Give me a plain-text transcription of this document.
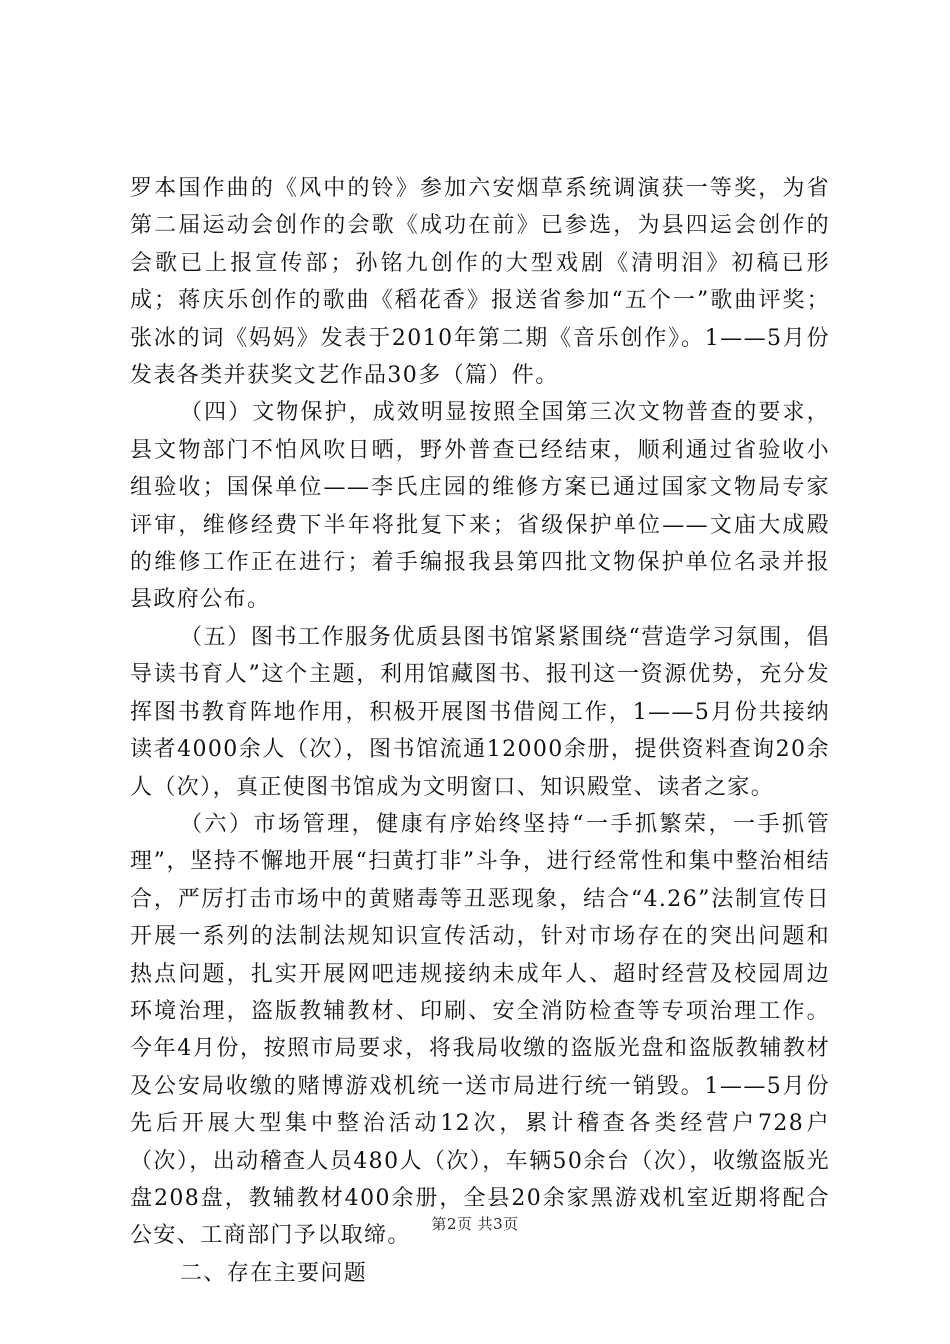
罗本国作曲的《风中的铃》参加六安烟草系统调演获一等奖，为省第二届运动会创作的会歌《成功在前》已参选，为县四运会创作的会歌已上报宣传部；孙铭九创作的大型戏剧《清明泪》初稿已形成；蒋庆乐创作的歌曲《稻花香》报送省参加“五个一”歌曲评奖；张冰的词《妈妈》发表于2010年第二期《音乐创作》。1——5月份发表各类并获奖文艺作品30多（篇）件。

（四）文物保护，成效明显按照全国第三次文物普查的要求，县文物部门不怕风吹日晒，野外普查已经结束，顺利通过省验收小组验收；国保单位——李氏庄园的维修方案已通过国家文物局专家评审，维修经费下半年将批复下来；省级保护单位——文庙大成殿的维修工作正在进行；着手编报我县第四批文物保护单位名录并报县政府公布。

（五）图书工作服务优质县图书馆紧紧围绕“营造学习氛围，倡导读书育人”这个主题，利用馆藏图书、报刊这一资源优势，充分发挥图书教育阵地作用，积极开展图书借阅工作，1——5月份共接纳读者4000余人（次），图书馆流通12000余册，提供资料查询20余人（次），真正使图书馆成为文明窗口、知识殿堂、读者之家。

（六）市场管理，健康有序始终坚持“一手抓繁荣，一手抓管理”，坚持不懈地开展“扫黄打非”斗争，进行经常性和集中整治相结合，严厉打击市场中的黄赌毒等丑恶现象，结合“4.26”法制宣传日开展一系列的法制法规知识宣传活动，针对市场存在的突出问题和热点问题，扎实开展网吧违规接纳未成年人、超时经营及校园周边环境治理，盗版教辅教材、印刷、安全消防检查等专项治理工作。今年4月份，按照市局要求，将我局收缴的盗版光盘和盗版教辅教材及公安局收缴的赌博游戏机统一送市局进行统一销毁。1——5月份先后开展大型集中整治活动12次，累计稽查各类经营户728户（次），出动稽查人员480人（次），车辆50余台（次），收缴盗版光盘208盘，教辅教材400余册，全县20余家黑游戏机室近期将配合公安、工商部门予以取缔。

二、存在主要问题

第2页 共3页
